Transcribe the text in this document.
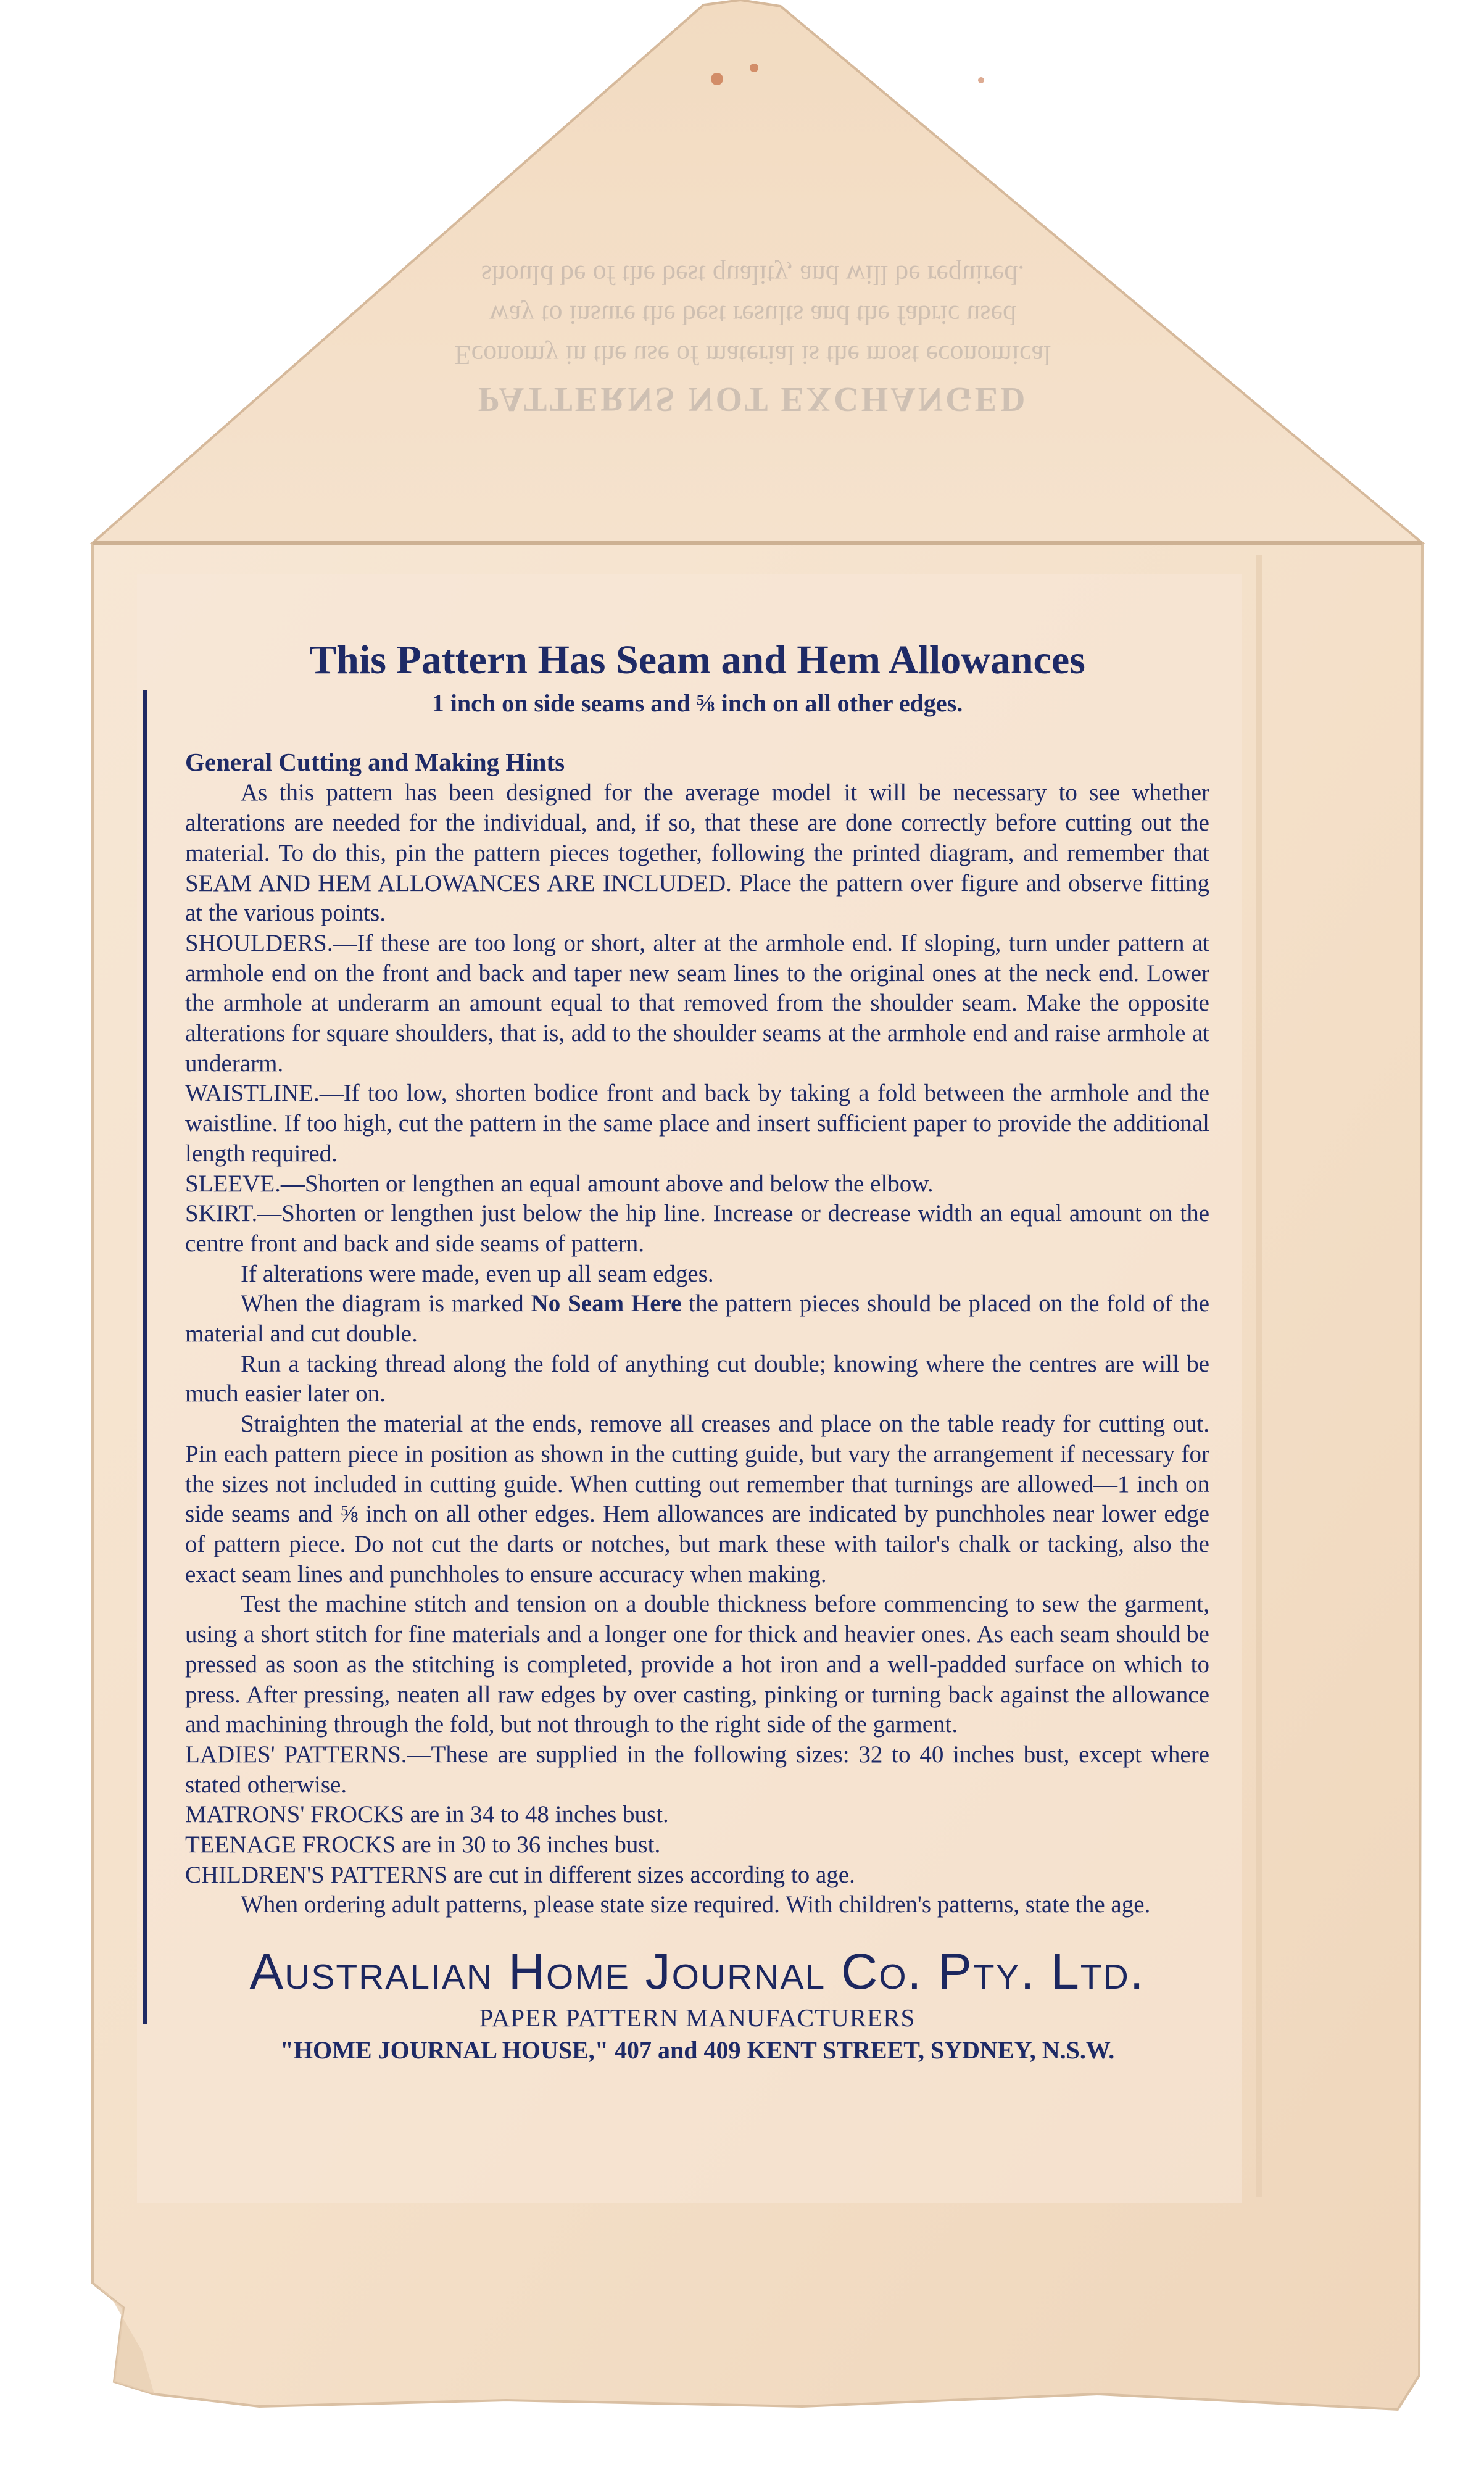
PATTERNS NOT EXCHANGED
Economy in the use of material is the most economical
way to insure the best results and the fabric used
should be of the best quality, and will be required.
This Pattern Has Seam and Hem Allowances
1 inch on side seams and ⅝ inch on all other edges.
General Cutting and Making Hints

As this pattern has been designed for the average model it will be necessary to see whether alterations are needed for the individual, and, if so, that these are done correctly before cutting out the material. To do this, pin the pattern pieces together, following the printed diagram, and remember that SEAM AND HEM ALLOWANCES ARE INCLUDED. Place the pattern over figure and observe fitting at the various points.

SHOULDERS.—If these are too long or short, alter at the armhole end. If sloping, turn under pattern at armhole end on the front and back and taper new seam lines to the original ones at the neck end. Lower the armhole at underarm an amount equal to that removed from the shoulder seam. Make the opposite alterations for square shoulders, that is, add to the shoulder seams at the armhole end and raise armhole at underarm.

WAISTLINE.—If too low, shorten bodice front and back by taking a fold between the armhole and the waistline. If too high, cut the pattern in the same place and insert sufficient paper to provide the additional length required.

SLEEVE.—Shorten or lengthen an equal amount above and below the elbow.

SKIRT.—Shorten or lengthen just below the hip line. Increase or decrease width an equal amount on the centre front and back and side seams of pattern.

If alterations were made, even up all seam edges.

When the diagram is marked No Seam Here the pattern pieces should be placed on the fold of the material and cut double.

Run a tacking thread along the fold of anything cut double; knowing where the centres are will be much easier later on.

Straighten the material at the ends, remove all creases and place on the table ready for cutting out. Pin each pattern piece in position as shown in the cutting guide, but vary the arrangement if necessary for the sizes not included in cutting guide. When cutting out remember that turnings are allowed—1 inch on side seams and ⅝ inch on all other edges. Hem allowances are indicated by punchholes near lower edge of pattern piece. Do not cut the darts or notches, but mark these with tailor's chalk or tacking, also the exact seam lines and punchholes to ensure accuracy when making.

Test the machine stitch and tension on a double thickness before commencing to sew the garment, using a short stitch for fine materials and a longer one for thick and heavier ones. As each seam should be pressed as soon as the stitching is completed, provide a hot iron and a well-padded surface on which to press. After pressing, neaten all raw edges by over casting, pinking or turning back against the allowance and machining through the fold, but not through to the right side of the garment.

LADIES' PATTERNS.—These are supplied in the following sizes: 32 to 40 inches bust, except where stated otherwise.

MATRONS' FROCKS are in 34 to 48 inches bust.

TEENAGE FROCKS are in 30 to 36 inches bust.

CHILDREN'S PATTERNS are cut in different sizes according to age.

When ordering adult patterns, please state size required. With children's patterns, state the age.

Australian Home Journal Co. Pty. Ltd.
PAPER PATTERN MANUFACTURERS
"HOME JOURNAL HOUSE," 407 and 409 KENT STREET, SYDNEY, N.S.W.
